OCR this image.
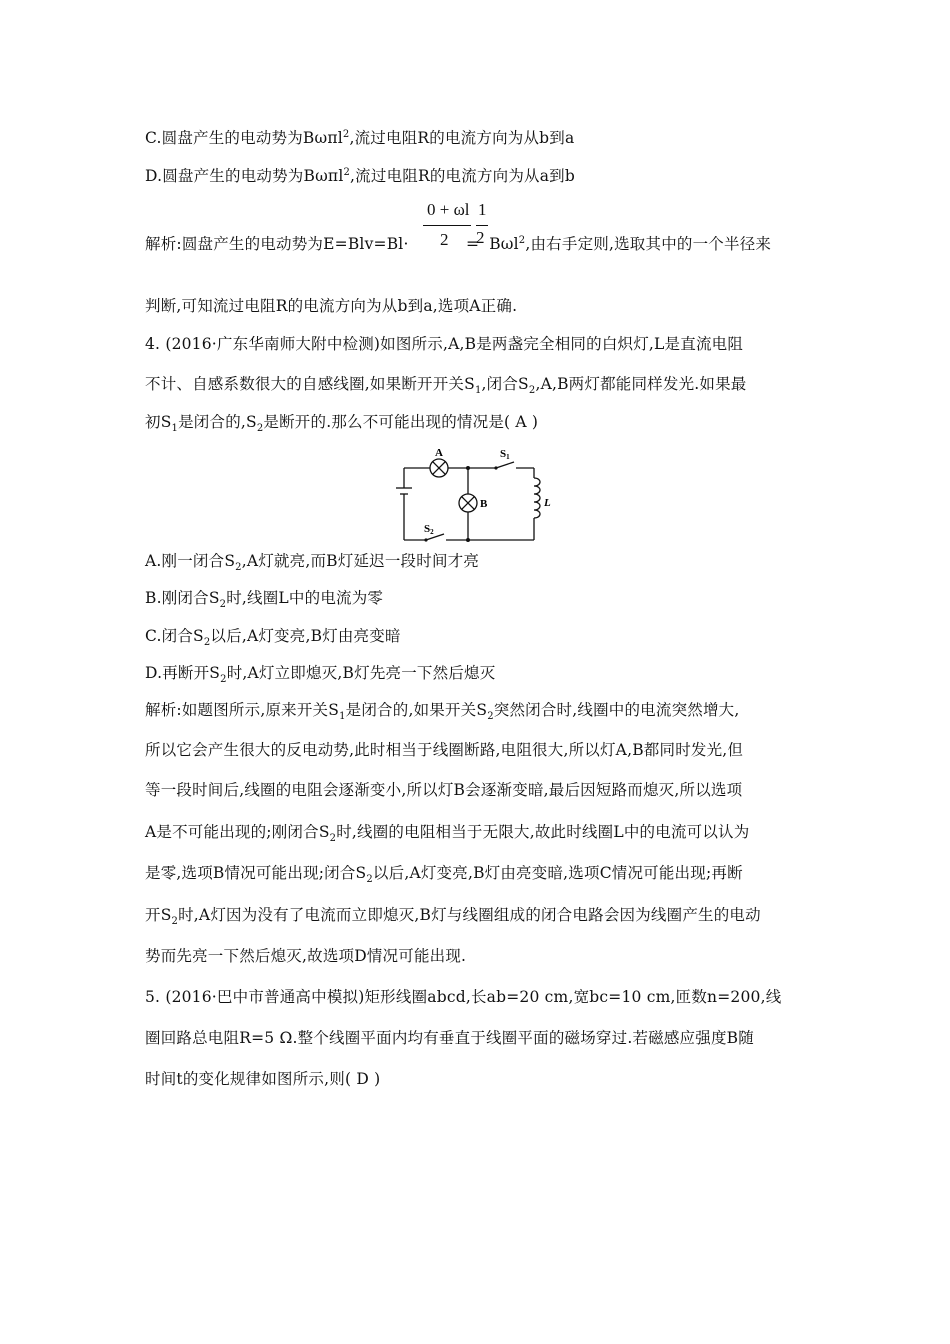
C.圆盘产生的电动势为Bωπl$^2$,流过电阻R的电流方向为从b到a
D.圆盘产生的电动势为Bωπl$^2$,流过电阻R的电流方向为从a到b
解析:圆盘产生的电动势为E=Blv=Bl·
0 + ωl
2
1
2
= Bωl$^2$,由右手定则,选取其中的一个半径来
判断,可知流过电阻R的电流方向为从b到a,选项A正确.
4. (2016·广东华南师大附中检测)如图所示,A,B是两盏完全相同的白炽灯,L是直流电阻
不计、自感系数很大的自感线圈,如果断开开关$S_1$,闭合$S_2,A,B$两灯都能同样发光.如果最
初$S_1$是闭合的$,S_2$是断开的.那么不可能出现的情况是( A )
A
B
S1
S2
L
A.刚一闭合$S_2,A$灯就亮,而B灯延迟一段时间才亮
B.刚闭合$S_2$时,线圈L中的电流为零
C.闭合$S_2$以后,A灯变亮,B灯由亮变暗
D.再断开$S_2$时,A灯立即熄灭,B灯先亮一下然后熄灭
解析:如题图所示,原来开关$S_1$是闭合的,如果开关$S_2$突然闭合时,线圈中的电流突然增大,
所以它会产生很大的反电动势,此时相当于线圈断路,电阻很大,所以灯A,B都同时发光,但
等一段时间后,线圈的电阻会逐渐变小,所以灯B会逐渐变暗,最后因短路而熄灭,所以选项
A是不可能出现的;刚闭合$S_2$时,线圈的电阻相当于无限大,故此时线圈L中的电流可以认为
是零,选项B情况可能出现;闭合$S_2$以后,A灯变亮,B灯由亮变暗,选项C情况可能出现;再断
开$S_2$时,A灯因为没有了电流而立即熄灭,B灯与线圈组成的闭合电路会因为线圈产生的电动
势而先亮一下然后熄灭,故选项D情况可能出现.
5. (2016·巴中市普通高中模拟)矩形线圈abcd,长ab=20 cm,宽bc=10 cm,匝数n=200,线
圈回路总电阻R=5 Ω.整个线圈平面内均有垂直于线圈平面的磁场穿过.若磁感应强度B随
时间t的变化规律如图所示,则( D )
